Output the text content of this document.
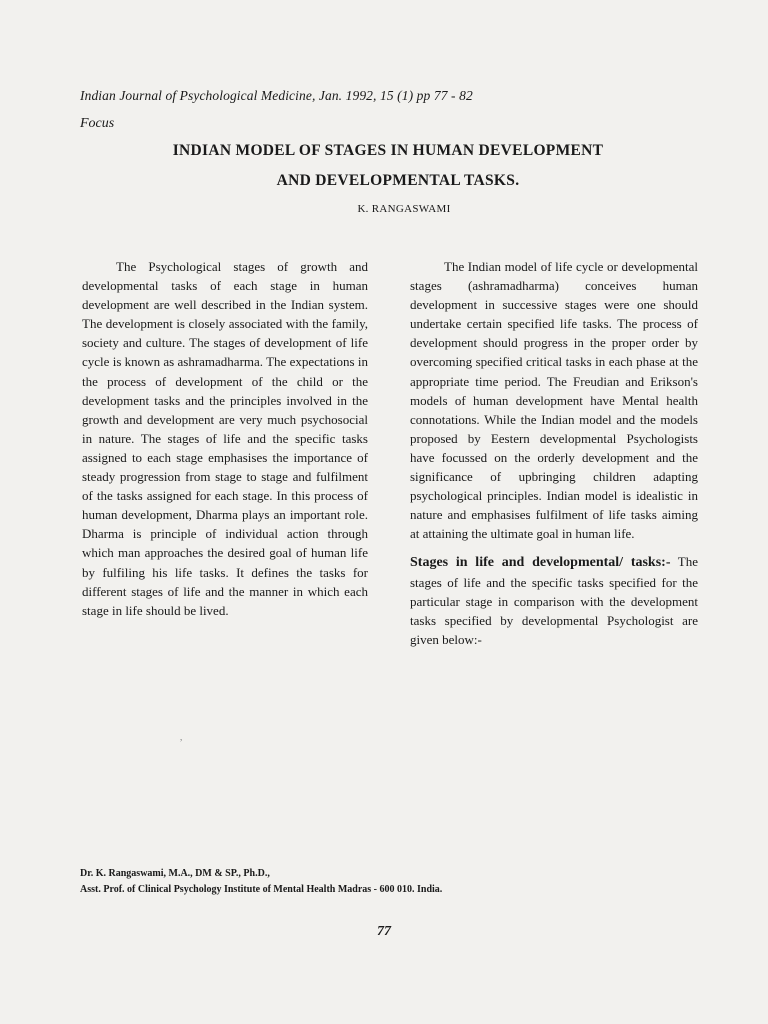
Indian Journal of Psychological Medicine, Jan. 1992, 15 (1) pp 77 - 82
Focus
INDIAN MODEL OF STAGES IN HUMAN DEVELOPMENT
AND DEVELOPMENTAL TASKS.
K. RANGASWAMI

The Psychological stages of growth and developmental tasks of each stage in human development are well described in the Indian system. The development is closely associated with the family, society and culture. The stages of development of life cycle is known as ashramadharma. The expectations in the process of development of the child or the development tasks and the principles involved in the growth and development are very much psychosocial in nature. The stages of life and the specific tasks assigned to each stage emphasises the importance of steady progression from stage to stage and fulfilment of the tasks assigned for each stage. In this process of human development, Dharma plays an important role. Dharma is principle of individual action through which man approaches the desired goal of human life by fulfiling his life tasks. It defines the tasks for different stages of life and the manner in which each stage in life should be lived.

,

The Indian model of life cycle or developmental stages (ashramadharma) conceives human development in successive stages were one should undertake certain specified life tasks. The process of development should progress in the proper order by overcoming specified critical tasks in each phase at the appropriate time period. The Freudian and Erikson's models of human development have Mental health connotations. While the Indian model and the models proposed by Eestern developmental Psychologists have focussed on the orderly development and the significance of upbringing children adapting psychological principles. Indian model is idealistic in nature and emphasises fulfilment of life tasks aiming at attaining the ultimate goal in human life.

Stages in life and developmental/ tasks:- The stages of life and the specific tasks specified for the particular stage in comparison with the development tasks specified by developmental Psychologist are given below:-
Dr. K. Rangaswami, M.A., DM & SP., Ph.D.,
Asst. Prof. of Clinical Psychology Institute of Mental Health Madras - 600 010. India.
77
